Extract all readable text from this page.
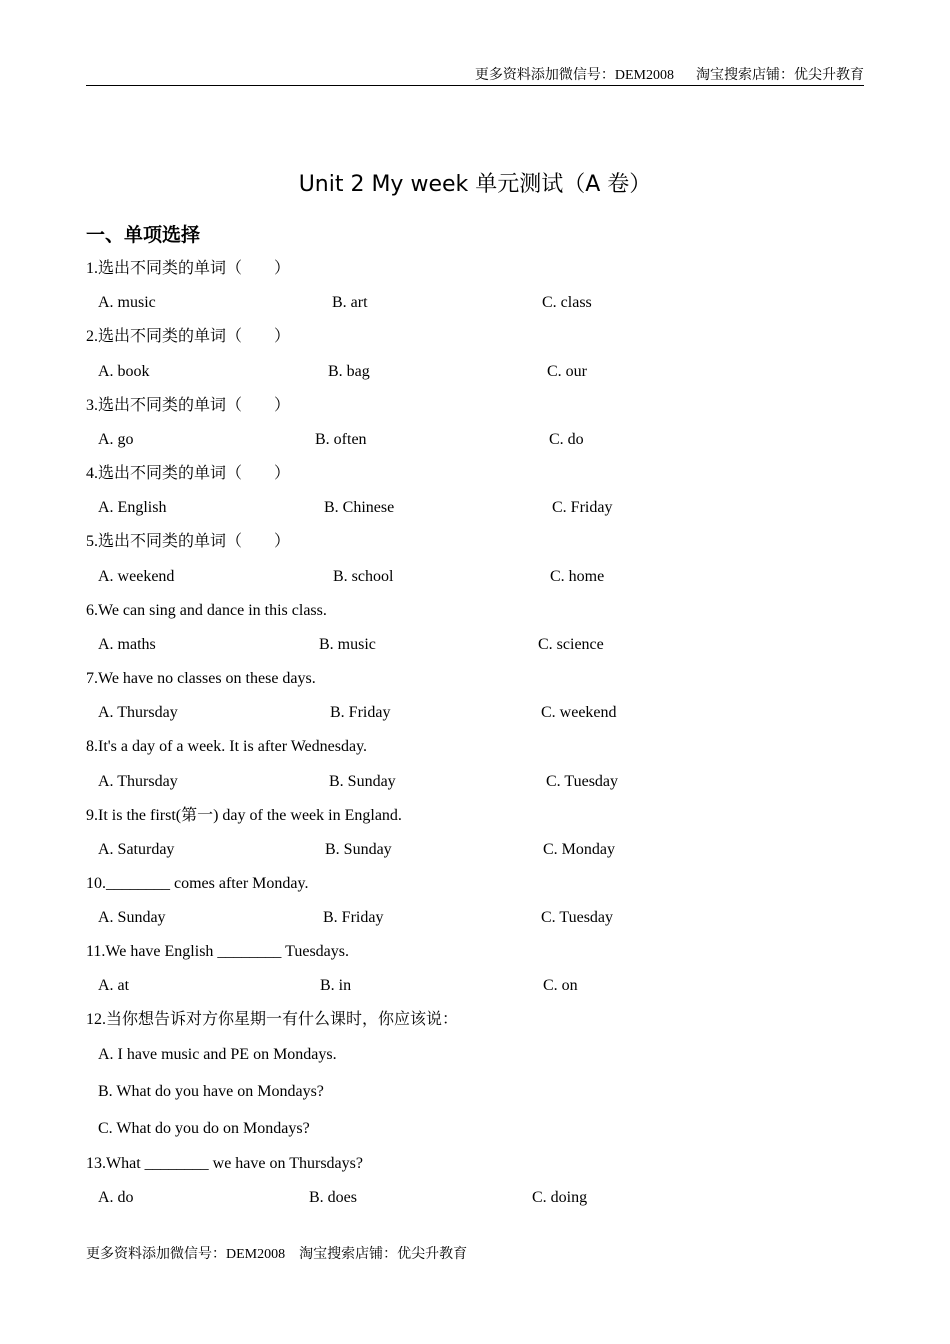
更多资料添加微信号：DEM2008 淘宝搜索店铺：优尖升教育
Unit 2 My week 单元测试（A 卷）
一、单项选择
1.选出不同类的单词（　　）
A. music	B. art	C. class
2.选出不同类的单词（　　）
A. book	B. bag	C. our
3.选出不同类的单词（　　）
A. go	B. often	C. do
4.选出不同类的单词（　　）
A. English	B. Chinese	C. Friday
5.选出不同类的单词（　　）
A. weekend	B. school	C. home
6.We can sing and dance in this class.
A. maths	B. music	C. science
7.We have no classes on these days.
A. Thursday	B. Friday	C. weekend
8.It's a day of a week. It is after Wednesday.
A. Thursday	B. Sunday	C. Tuesday
9.It is the first(第一) day of the week in England.
A. Saturday	B. Sunday	C. Monday
10.________ comes after Monday.
A. Sunday	B. Friday	C. Tuesday
11.We have English ________ Tuesdays.
A. at	B. in	C. on
12.当你想告诉对方你星期一有什么课时，你应该说：
A. I have music and PE on Mondays.
B. What do you have on Mondays?
C. What do you do on Mondays?
13.What ________ we have on Thursdays?
A. do	B. does	C. doing
更多资料添加微信号：DEM2008 淘宝搜索店铺：优尖升教育
